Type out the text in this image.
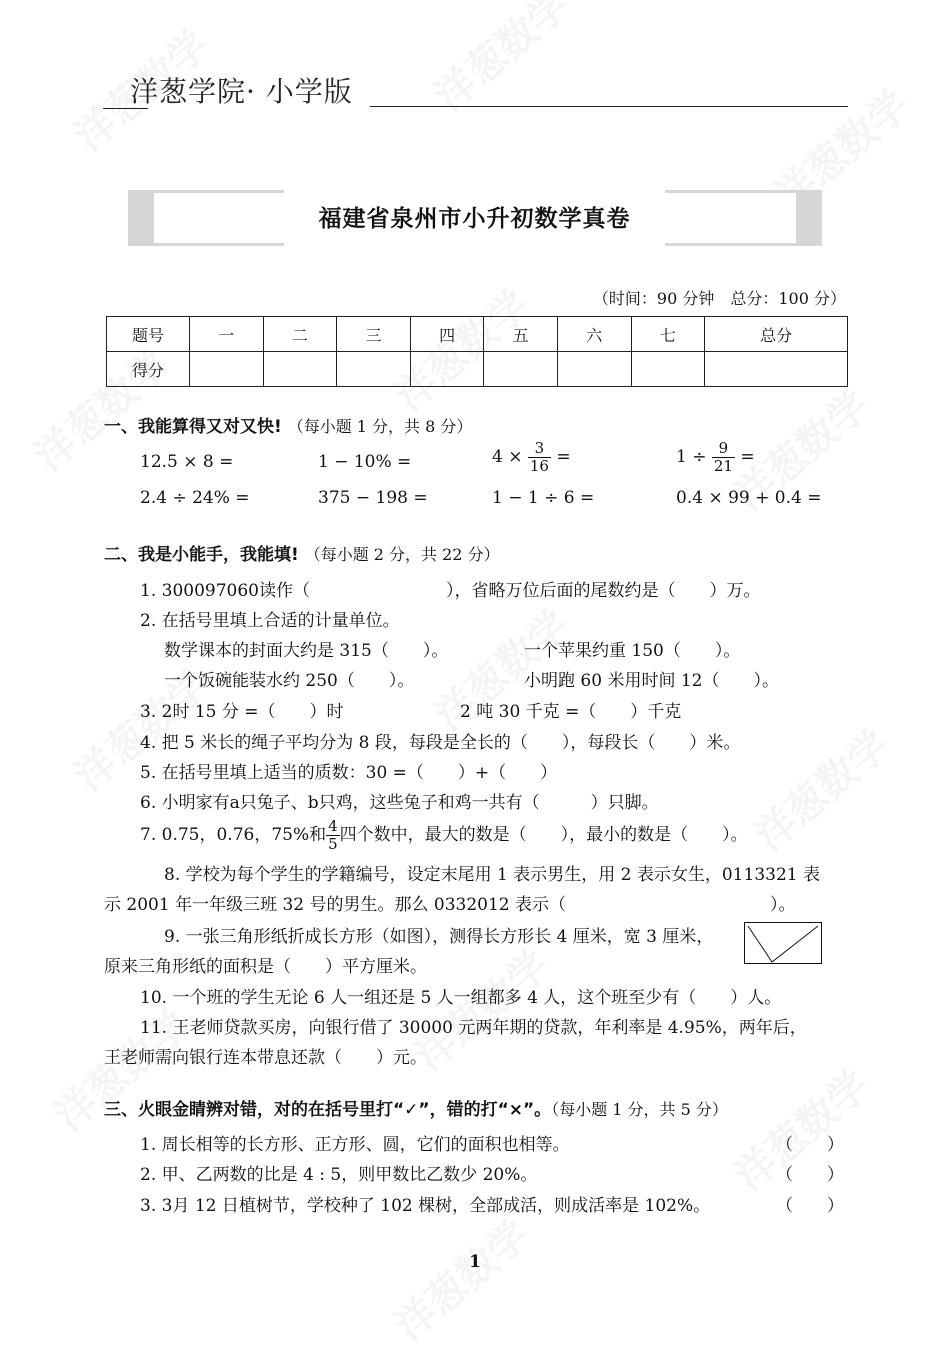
洋葱学院· 小学版
福建省泉州市小升初数学真卷
（时间：90 分钟　总分：100 分）
题号	一	二	三	四	五	六	七	总分
得分								
一、我能算得又对又快! （每小题 1 分，共 8 分）
12.5 × 8 =	1 − 10% =	$4 \times \frac{3}{16}$ =	$1 \div \frac{9}{21}$ =
2.4 ÷ 24% =	375 − 198 =	1 − 1 ÷ 6 =	0.4 × 99 + 0.4 =
二、我是小能手，我能填! （每小题 2 分，共 22 分）
1. 300097060读作（　　　　　　　　），省略万位后面的尾数约是（　　）万。
2. 在括号里填上合适的计量单位。
数学课本的封面大约是 315（　　）。	一个苹果约重 150（　　）。
一个饭碗能装水约 250（　　）。	小明跑 60 米用时间 12（　　）。
3. 2时 15 分 =（　　）时	2 吨 30 千克 =（　　）千克
4. 把 5 米长的绳子平均分为 8 段，每段是全长的（　　），每段长（　　）米。
5. 在括号里填上适当的质数：30 =（　　）+（　　）
6. 小明家有a只兔子、b只鸡，这些兔子和鸡一共有（　　　）只脚。
7. 0.75̇，0.76，75%和 $\frac{4}{5}$ 四个数中，最大的数是（　　），最小的数是（　　）。
8. 学校为每个学生的学籍编号，设定末尾用 1 表示男生，用 2 表示女生，0113321 表
示 2001 年一年级三班 32 号的男生。那么 0332012 表示（　　　　　　　　　　　　）。
9. 一张三角形纸折成长方形（如图），测得长方形长 4 厘米，宽 3 厘米，
原来三角形纸的面积是（　　）平方厘米。
10. 一个班的学生无论 6 人一组还是 5 人一组都多 4 人，这个班至少有（　　）人。
11. 王老师贷款买房，向银行借了 30000 元两年期的贷款，年利率是 4.95%，两年后，
王老师需向银行连本带息还款（　　）元。
三、火眼金睛辨对错，对的在括号里打“✓”，错的打“×”。（每小题 1 分，共 5 分）
1. 周长相等的长方形、正方形、圆，它们的面积也相等。	（　　）
2. 甲、乙两数的比是 4 : 5，则甲数比乙数少 20%。	（　　）
3. 3月 12 日植树节，学校种了 102 棵树，全部成活，则成活率是 102%。	（　　）
1
